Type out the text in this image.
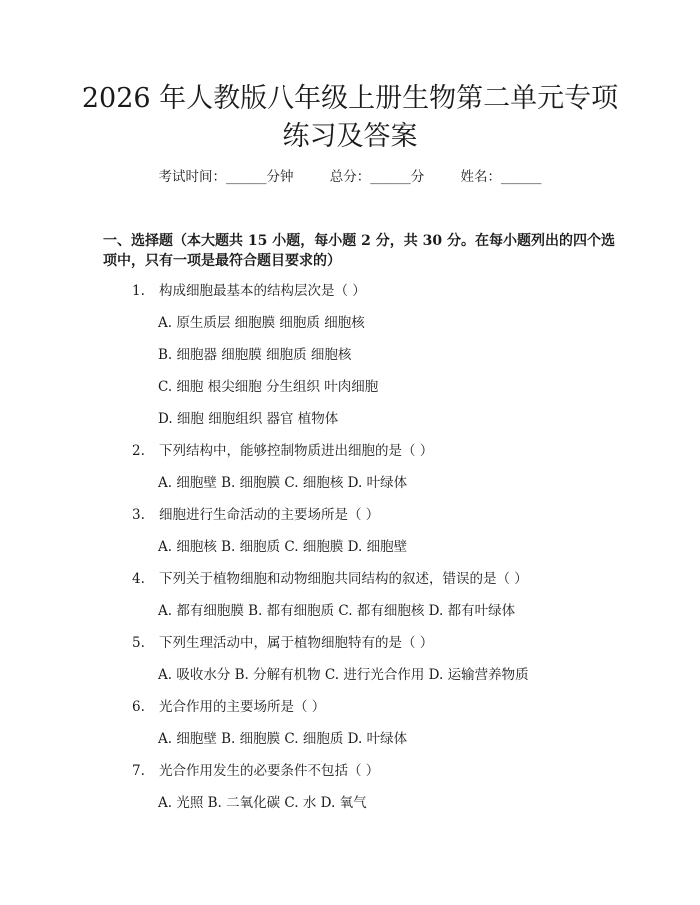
2026 年人教版八年级上册生物第二单元专项
练习及答案
考试时间：______分钟	总分：______分	姓名：______
一、选择题（本大题共 15 小题，每小题 2 分，共 30 分。在每小题列出的四个选
项中，只有一项是最符合题目要求的）
1. 构成细胞最基本的结构层次是（ ）
A. 原生质层 细胞膜 细胞质 细胞核
B. 细胞器 细胞膜 细胞质 细胞核
C. 细胞 根尖细胞 分生组织 叶肉细胞
D. 细胞 细胞组织 器官 植物体
2. 下列结构中，能够控制物质进出细胞的是（ ）
A. 细胞壁 B. 细胞膜 C. 细胞核 D. 叶绿体
3. 细胞进行生命活动的主要场所是（ ）
A. 细胞核 B. 细胞质 C. 细胞膜 D. 细胞壁
4. 下列关于植物细胞和动物细胞共同结构的叙述，错误的是（ ）
A. 都有细胞膜 B. 都有细胞质 C. 都有细胞核 D. 都有叶绿体
5. 下列生理活动中，属于植物细胞特有的是（ ）
A. 吸收水分 B. 分解有机物 C. 进行光合作用 D. 运输营养物质
6. 光合作用的主要场所是（ ）
A. 细胞壁 B. 细胞膜 C. 细胞质 D. 叶绿体
7. 光合作用发生的必要条件不包括（ ）
A. 光照 B. 二氧化碳 C. 水 D. 氧气
